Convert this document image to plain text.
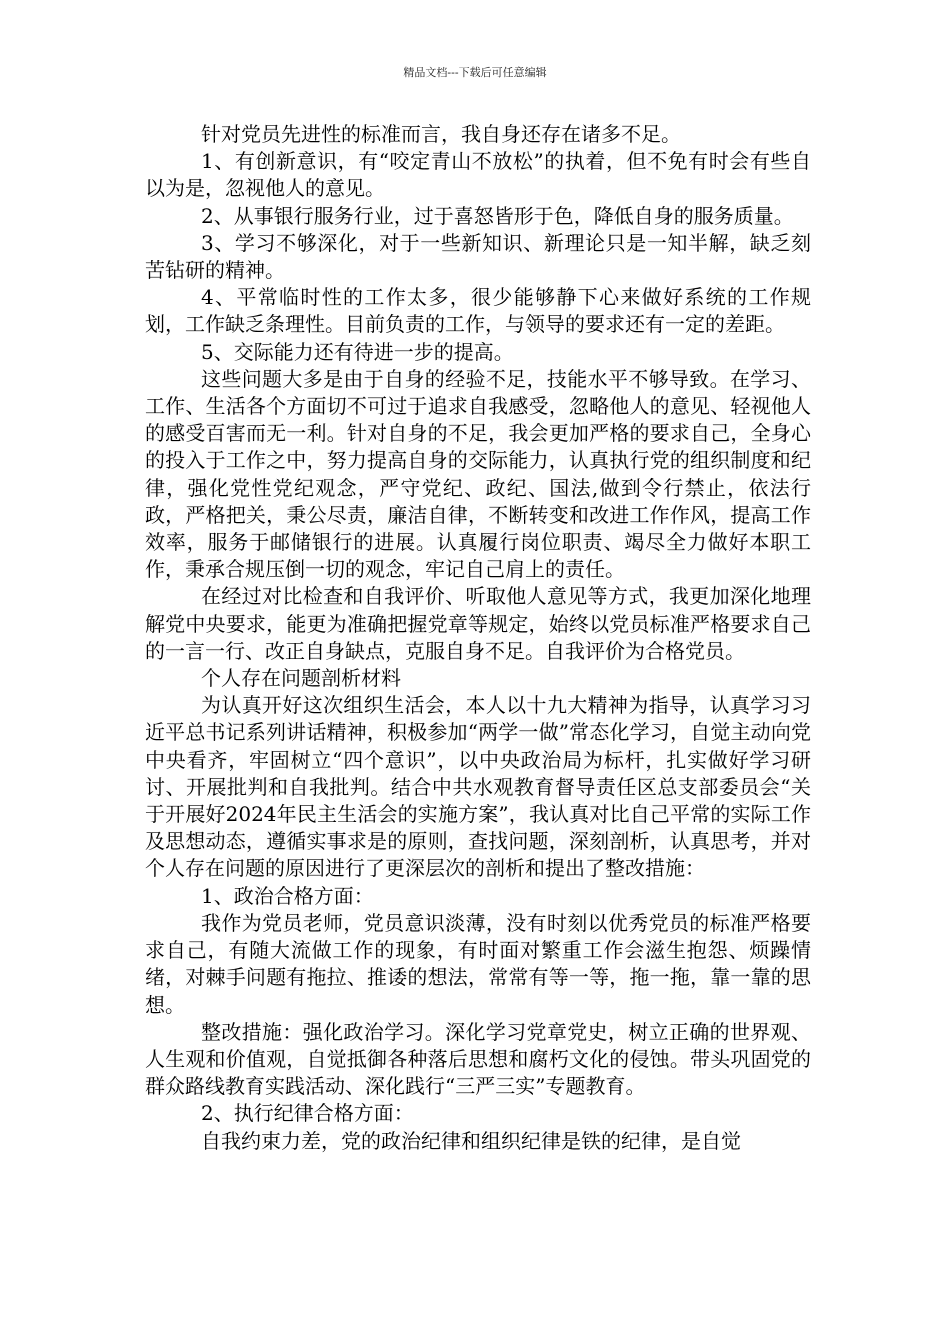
精品文档---下载后可任意编辑

针对党员先进性的标准而言，我自身还存在诸多不足。

1、有创新意识，有“咬定青山不放松”的执着，但不免有时会有些自以为是，忽视他人的意见。

2、从事银行服务行业，过于喜怒皆形于色，降低自身的服务质量。

3、学习不够深化，对于一些新知识、新理论只是一知半解，缺乏刻苦钻研的精神。

4、平常临时性的工作太多，很少能够静下心来做好系统的工作规划，工作缺乏条理性。目前负责的工作，与领导的要求还有一定的差距。

5、交际能力还有待进一步的提高。

这些问题大多是由于自身的经验不足，技能水平不够导致。在学习、工作、生活各个方面切不可过于追求自我感受，忽略他人的意见、轻视他人的感受百害而无一利。针对自身的不足，我会更加严格的要求自己，全身心的投入于工作之中，努力提高自身的交际能力，认真执行党的组织制度和纪律，强化党性党纪观念，严守党纪、政纪、国法,做到令行禁止，依法行政，严格把关，秉公尽责，廉洁自律，不断转变和改进工作作风，提高工作效率，服务于邮储银行的进展。认真履行岗位职责、竭尽全力做好本职工作，秉承合规压倒一切的观念，牢记自己肩上的责任。

在经过对比检查和自我评价、听取他人意见等方式，我更加深化地理解党中央要求，能更为准确把握党章等规定，始终以党员标准严格要求自己的一言一行、改正自身缺点，克服自身不足。自我评价为合格党员。

个人存在问题剖析材料

为认真开好这次组织生活会，本人以十九大精神为指导，认真学习习近平总书记系列讲话精神，积极参加“两学一做”常态化学习，自觉主动向党中央看齐，牢固树立“四个意识”，以中央政治局为标杆，扎实做好学习研讨、开展批判和自我批判。结合中共水观教育督导责任区总支部委员会“关于开展好2024年民主生活会的实施方案”，我认真对比自己平常的实际工作及思想动态，遵循实事求是的原则，查找问题，深刻剖析，认真思考，并对个人存在问题的原因进行了更深层次的剖析和提出了整改措施：

1、政治合格方面：

我作为党员老师，党员意识淡薄，没有时刻以优秀党员的标准严格要求自己，有随大流做工作的现象，有时面对繁重工作会滋生抱怨、烦躁情绪，对棘手问题有拖拉、推诿的想法，常常有等一等，拖一拖，靠一靠的思想。

整改措施：强化政治学习。深化学习党章党史，树立正确的世界观、人生观和价值观，自觉抵御各种落后思想和腐朽文化的侵蚀。带头巩固党的群众路线教育实践活动、深化践行“三严三实”专题教育。

2、执行纪律合格方面：

自我约束力差，党的政治纪律和组织纪律是铁的纪律，是自觉
